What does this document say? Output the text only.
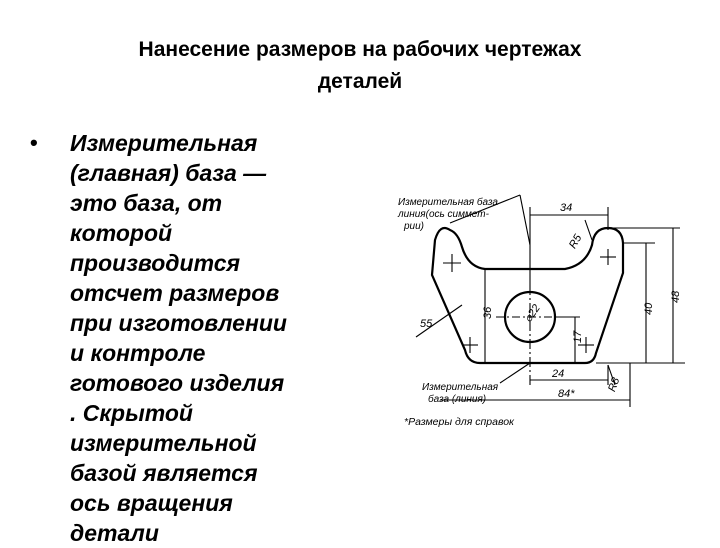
Нанесение размеров на рабочих чертежах
деталей
• Измерительная
(главная) база —
это база, от
которой
производится
отсчет размеров
при изготовлении
и контроле
готового изделия
. Скрытой
измерительной
базой является
ось вращения
детали
Измерительная база
линия(ось симмет-
рии)
34
R5
40
48
36	⌀22
55
17
24
84*
R8
Измерительная
база (линия)
*Размеры для справок
